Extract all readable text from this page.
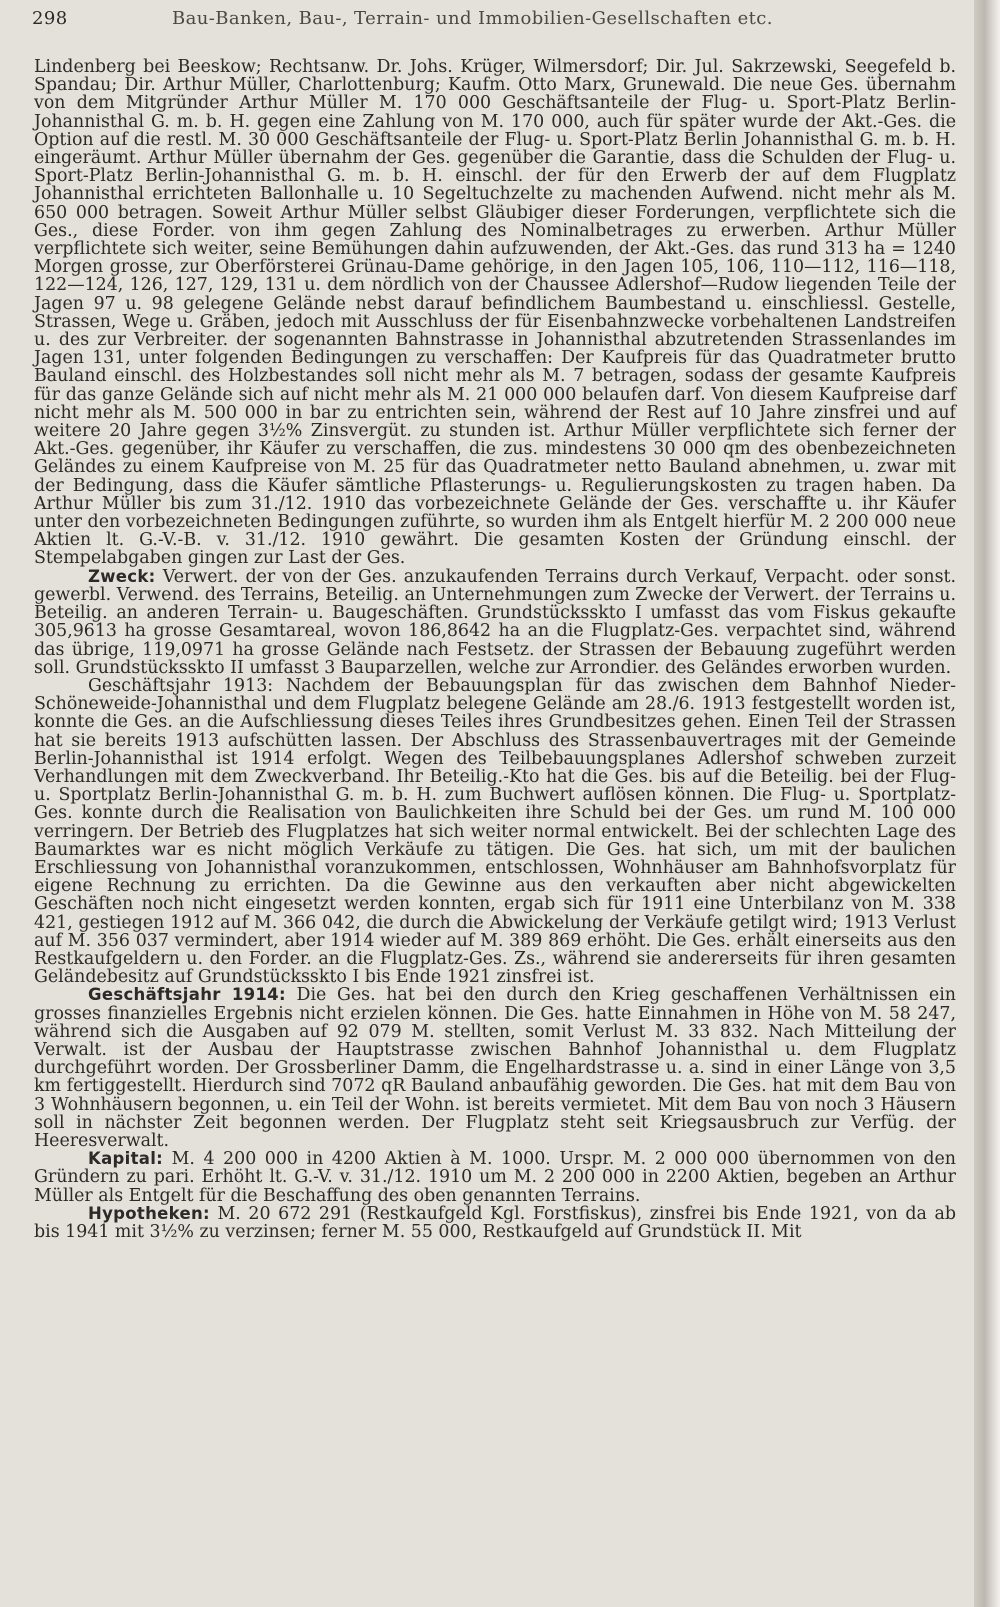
298	Bau-Banken, Bau-, Terrain- und Immobilien-Gesellschaften etc.

Lindenberg bei Beeskow; Rechtsanw. Dr. Johs. Krüger, Wilmersdorf; Dir. Jul. Sakrzewski, Seegefeld b. Spandau; Dir. Arthur Müller, Charlottenburg; Kaufm. Otto Marx, Grunewald. Die neue Ges. übernahm von dem Mitgründer Arthur Müller M. 170 000 Geschäftsanteile der Flug- u. Sport-Platz Berlin-Johannisthal G. m. b. H. gegen eine Zahlung von M. 170 000, auch für später wurde der Akt.-Ges. die Option auf die restl. M. 30 000 Geschäftsanteile der Flug- u. Sport-Platz Berlin Johannisthal G. m. b. H. eingeräumt. Arthur Müller übernahm der Ges. gegenüber die Garantie, dass die Schulden der Flug- u. Sport-Platz Berlin-Johannisthal G. m. b. H. einschl. der für den Erwerb der auf dem Flugplatz Johannisthal errichteten Ballonhalle u. 10 Segeltuchzelte zu machenden Aufwend. nicht mehr als M. 650 000 betragen. Soweit Arthur Müller selbst Gläubiger dieser Forderungen, verpflichtete sich die Ges., diese Forder. von ihm gegen Zahlung des Nominalbetrages zu erwerben. Arthur Müller verpflichtete sich weiter, seine Bemühungen dahin aufzuwenden, der Akt.-Ges. das rund 313 ha = 1240 Morgen grosse, zur Oberförsterei Grünau-Dame gehörige, in den Jagen 105, 106, 110—112, 116—118, 122—124, 126, 127, 129, 131 u. dem nördlich von der Chaussee Adlershof—Rudow liegenden Teile der Jagen 97 u. 98 gelegene Gelände nebst darauf befindlichem Baumbestand u. einschliessl. Gestelle, Strassen, Wege u. Gräben, jedoch mit Ausschluss der für Eisenbahnzwecke vorbehaltenen Landstreifen u. des zur Verbreiter. der sogenannten Bahnstrasse in Johannisthal abzutretenden Strassenlandes im Jagen 131, unter folgenden Bedingungen zu verschaffen: Der Kaufpreis für das Quadratmeter brutto Bauland einschl. des Holzbestandes soll nicht mehr als M. 7 betragen, sodass der gesamte Kaufpreis für das ganze Gelände sich auf nicht mehr als M. 21 000 000 belaufen darf. Von diesem Kaufpreise darf nicht mehr als M. 500 000 in bar zu entrichten sein, während der Rest auf 10 Jahre zinsfrei und auf weitere 20 Jahre gegen 3½% Zinsvergüt. zu stunden ist. Arthur Müller verpflichtete sich ferner der Akt.-Ges. gegenüber, ihr Käufer zu verschaffen, die zus. mindestens 30 000 qm des obenbezeichneten Geländes zu einem Kaufpreise von M. 25 für das Quadratmeter netto Bauland abnehmen, u. zwar mit der Bedingung, dass die Käufer sämtliche Pflasterungs- u. Regulierungskosten zu tragen haben. Da Arthur Müller bis zum 31./12. 1910 das vorbezeichnete Gelände der Ges. verschaffte u. ihr Käufer unter den vorbezeichneten Bedingungen zuführte, so wurden ihm als Entgelt hierfür M. 2 200 000 neue Aktien lt. G.-V.-B. v. 31./12. 1910 gewährt. Die gesamten Kosten der Gründung einschl. der Stempelabgaben gingen zur Last der Ges.

Zweck: Verwert. der von der Ges. anzukaufenden Terrains durch Verkauf, Verpacht. oder sonst. gewerbl. Verwend. des Terrains, Beteilig. an Unternehmungen zum Zwecke der Verwert. der Terrains u. Beteilig. an anderen Terrain- u. Baugeschäften. Grundstücksskto I umfasst das vom Fiskus gekaufte 305,9613 ha grosse Gesamtareal, wovon 186,8642 ha an die Flugplatz-Ges. verpachtet sind, während das übrige, 119,0971 ha grosse Gelände nach Festsetz. der Strassen der Bebauung zugeführt werden soll. Grundstücksskto II umfasst 3 Bauparzellen, welche zur Arrondier. des Geländes erworben wurden.

Geschäftsjahr 1913: Nachdem der Bebauungsplan für das zwischen dem Bahnhof Nieder-Schöneweide-Johannisthal und dem Flugplatz belegene Gelände am 28./6. 1913 festgestellt worden ist, konnte die Ges. an die Aufschliessung dieses Teiles ihres Grundbesitzes gehen. Einen Teil der Strassen hat sie bereits 1913 aufschütten lassen. Der Abschluss des Strassenbauvertrages mit der Gemeinde Berlin-Johannisthal ist 1914 erfolgt. Wegen des Teilbebauungsplanes Adlershof schweben zurzeit Verhandlungen mit dem Zweckverband. Ihr Beteilig.-Kto hat die Ges. bis auf die Beteilig. bei der Flug- u. Sportplatz Berlin-Johannisthal G. m. b. H. zum Buchwert auflösen können. Die Flug- u. Sportplatz-Ges. konnte durch die Realisation von Baulichkeiten ihre Schuld bei der Ges. um rund M. 100 000 verringern. Der Betrieb des Flugplatzes hat sich weiter normal entwickelt. Bei der schlechten Lage des Baumarktes war es nicht möglich Verkäufe zu tätigen. Die Ges. hat sich, um mit der baulichen Erschliessung von Johannisthal voranzukommen, entschlossen, Wohnhäuser am Bahnhofsvorplatz für eigene Rechnung zu errichten. Da die Gewinne aus den verkauften aber nicht abgewickelten Geschäften noch nicht eingesetzt werden konnten, ergab sich für 1911 eine Unterbilanz von M. 338 421, gestiegen 1912 auf M. 366 042, die durch die Abwickelung der Verkäufe getilgt wird; 1913 Verlust auf M. 356 037 vermindert, aber 1914 wieder auf M. 389 869 erhöht. Die Ges. erhält einerseits aus den Restkaufgeldern u. den Forder. an die Flugplatz-Ges. Zs., während sie andererseits für ihren gesamten Geländebesitz auf Grundstücksskto I bis Ende 1921 zinsfrei ist.

Geschäftsjahr 1914: Die Ges. hat bei den durch den Krieg geschaffenen Verhältnissen ein grosses finanzielles Ergebnis nicht erzielen können. Die Ges. hatte Einnahmen in Höhe von M. 58 247, während sich die Ausgaben auf 92 079 M. stellten, somit Verlust M. 33 832. Nach Mitteilung der Verwalt. ist der Ausbau der Hauptstrasse zwischen Bahnhof Johannisthal u. dem Flugplatz durchgeführt worden. Der Grossberliner Damm, die Engelhardstrasse u. a. sind in einer Länge von 3,5 km fertiggestellt. Hierdurch sind 7072 qR Bauland anbaufähig geworden. Die Ges. hat mit dem Bau von 3 Wohnhäusern begonnen, u. ein Teil der Wohn. ist bereits vermietet. Mit dem Bau von noch 3 Häusern soll in nächster Zeit begonnen werden. Der Flugplatz steht seit Kriegsausbruch zur Verfüg. der Heeresverwalt.

Kapital: M. 4 200 000 in 4200 Aktien à M. 1000. Urspr. M. 2 000 000 übernommen von den Gründern zu pari. Erhöht lt. G.-V. v. 31./12. 1910 um M. 2 200 000 in 2200 Aktien, begeben an Arthur Müller als Entgelt für die Beschaffung des oben genannten Terrains.

Hypotheken: M. 20 672 291 (Restkaufgeld Kgl. Forstfiskus), zinsfrei bis Ende 1921, von da ab bis 1941 mit 3½% zu verzinsen; ferner M. 55 000, Restkaufgeld auf Grundstück II. Mit
